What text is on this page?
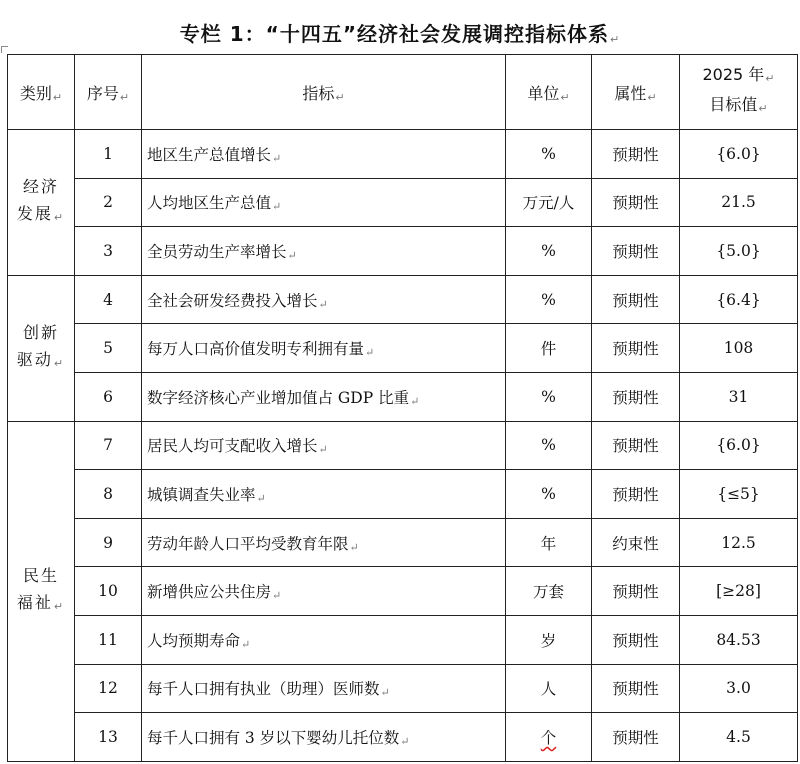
专栏 1：“十四五”经济社会发展调控指标体系↵
类别↵	序号↵	指标↵	单位↵	属性↵	2025 年↵
目标值↵
经济
发展↵	1	地区生产总值增长↵	%	预期性	{6.0}
	2	人均地区生产总值↵	万元/人	预期性	21.5
	3	全员劳动生产率增长↵	%	预期性	{5.0}
创新
驱动↵	4	全社会研发经费投入增长↵	%	预期性	{6.4}
	5	每万人口高价值发明专利拥有量↵	件	预期性	108
	6	数字经济核心产业增加值占 GDP 比重↵	%	预期性	31
民生
福祉↵	7	居民人均可支配收入增长↵	%	预期性	{6.0}
	8	城镇调查失业率↵	%	预期性	{≤5}
	9	劳动年龄人口平均受教育年限↵	年	约束性	12.5
	10	新增供应公共住房↵	万套	预期性	[≥28]
	11	人均预期寿命↵	岁	预期性	84.53
	12	每千人口拥有执业（助理）医师数↵	人	预期性	3.0
	13	每千人口拥有 3 岁以下婴幼儿托位数↵	个	预期性	4.5
